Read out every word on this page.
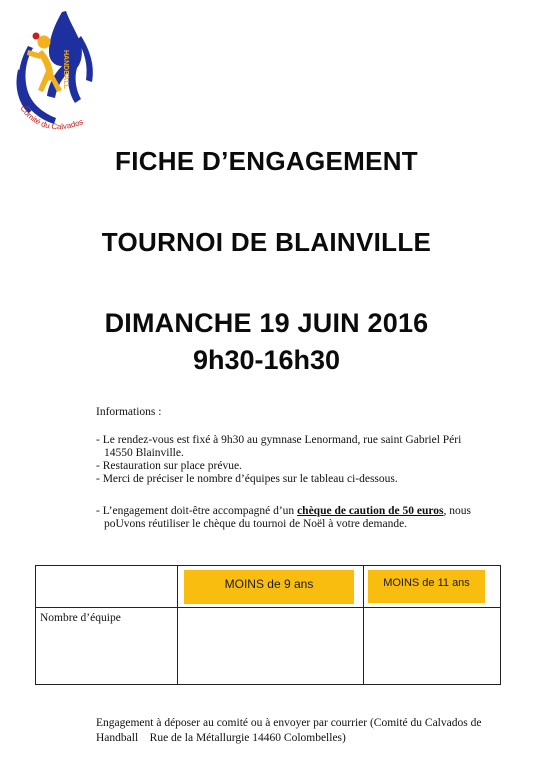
HANDBALL
Comité du Calvados
FICHE D’ENGAGEMENT
TOURNOI DE BLAINVILLE
DIMANCHE 19 JUIN 2016
9h30-16h30
Informations :
- Le rendez-vous est fixé à 9h30 au gymnase Lenormand, rue saint Gabriel Péri
14550 Blainville.
- Restauration sur place prévue.
- Merci de préciser le nombre d’équipes sur le tableau ci-dessous.
- L’engagement doit-être accompagné d’un chèque de caution de 50 euros, nous
poUvons réutiliser le chèque du tournoi de Noël à votre demande.

	MOINS de 9 ans	MOINS de 11 ans

Nombre d’équipe		

Engagement à déposer au comité ou à envoyer par courrier (Comité du Calvados de
Handball    Rue de la Métallurgie 14460 Colombelles)
